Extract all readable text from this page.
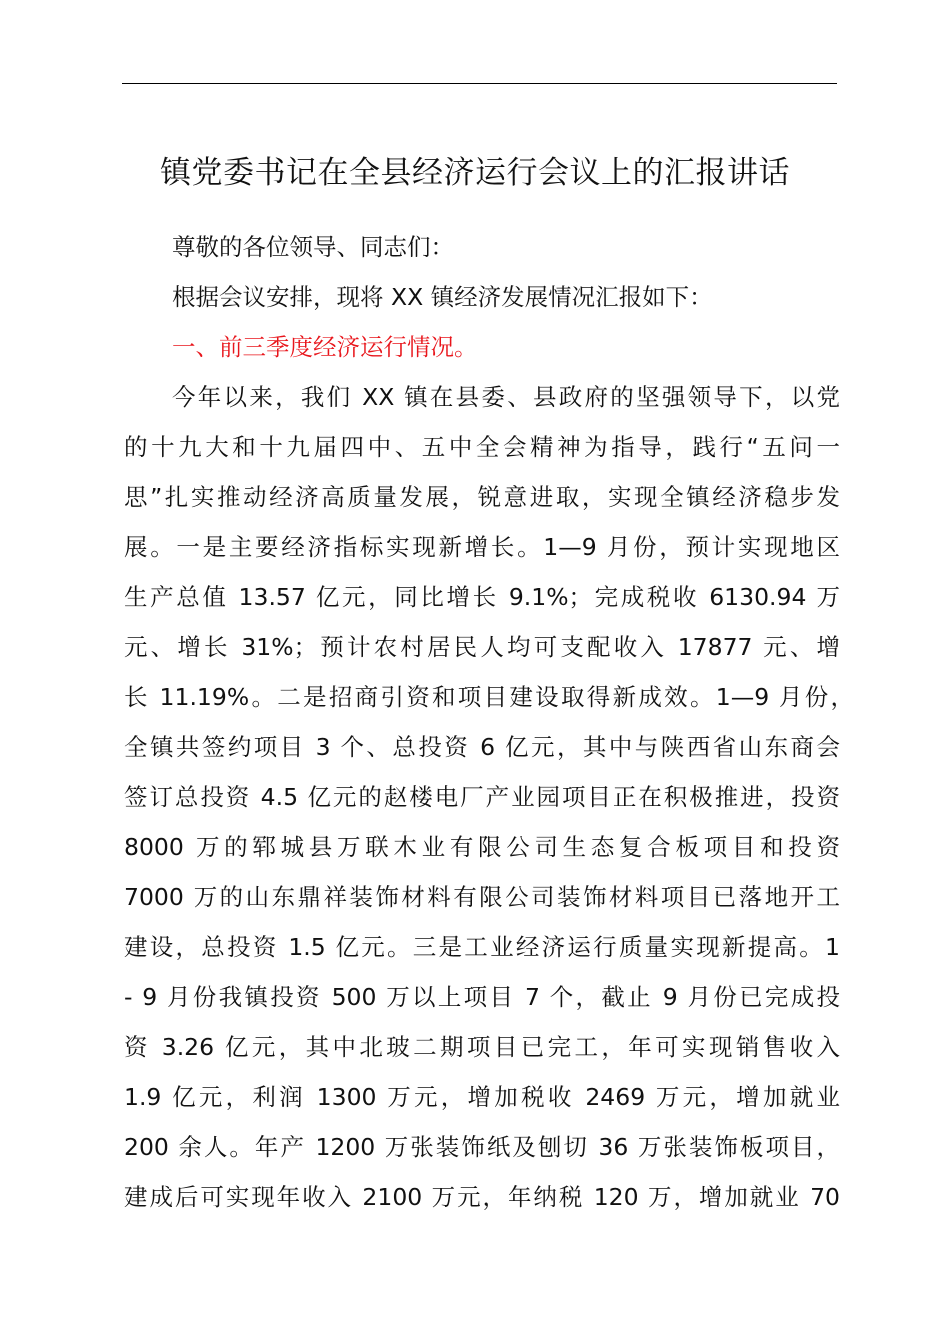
镇党委书记在全县经济运行会议上的汇报讲话

尊敬的各位领导、同志们：

根据会议安排，现将 XX 镇经济发展情况汇报如下：

一、前三季度经济运行情况。

今年以来，我们 XX 镇在县委、县政府的坚强领导下，以党

的十九大和十九届四中、五中全会精神为指导，践行“五问一

思”扎实推动经济高质量发展，锐意进取，实现全镇经济稳步发

展。一是主要经济指标实现新增长。1—9 月份，预计实现地区

生产总值 13.57 亿元，同比增长 9.1%；完成税收 6130.94 万

元、增长 31%；预计农村居民人均可支配收入 17877 元、增

长 11.19%。二是招商引资和项目建设取得新成效。1—9 月份，

全镇共签约项目 3 个、总投资 6 亿元，其中与陕西省山东商会

签订总投资 4.5 亿元的赵楼电厂产业园项目正在积极推进，投资

8000 万的郓城县万联木业有限公司生态复合板项目和投资

7000 万的山东鼎祥装饰材料有限公司装饰材料项目已落地开工

建设，总投资 1.5 亿元。三是工业经济运行质量实现新提高。1

- 9 月份我镇投资 500 万以上项目 7 个，截止 9 月份已完成投

资 3.26 亿元，其中北玻二期项目已完工，年可实现销售收入

1.9 亿元，利润 1300 万元，增加税收 2469 万元，增加就业

200 余人。年产 1200 万张装饰纸及刨切 36 万张装饰板项目，

建成后可实现年收入 2100 万元，年纳税 120 万，增加就业 70
